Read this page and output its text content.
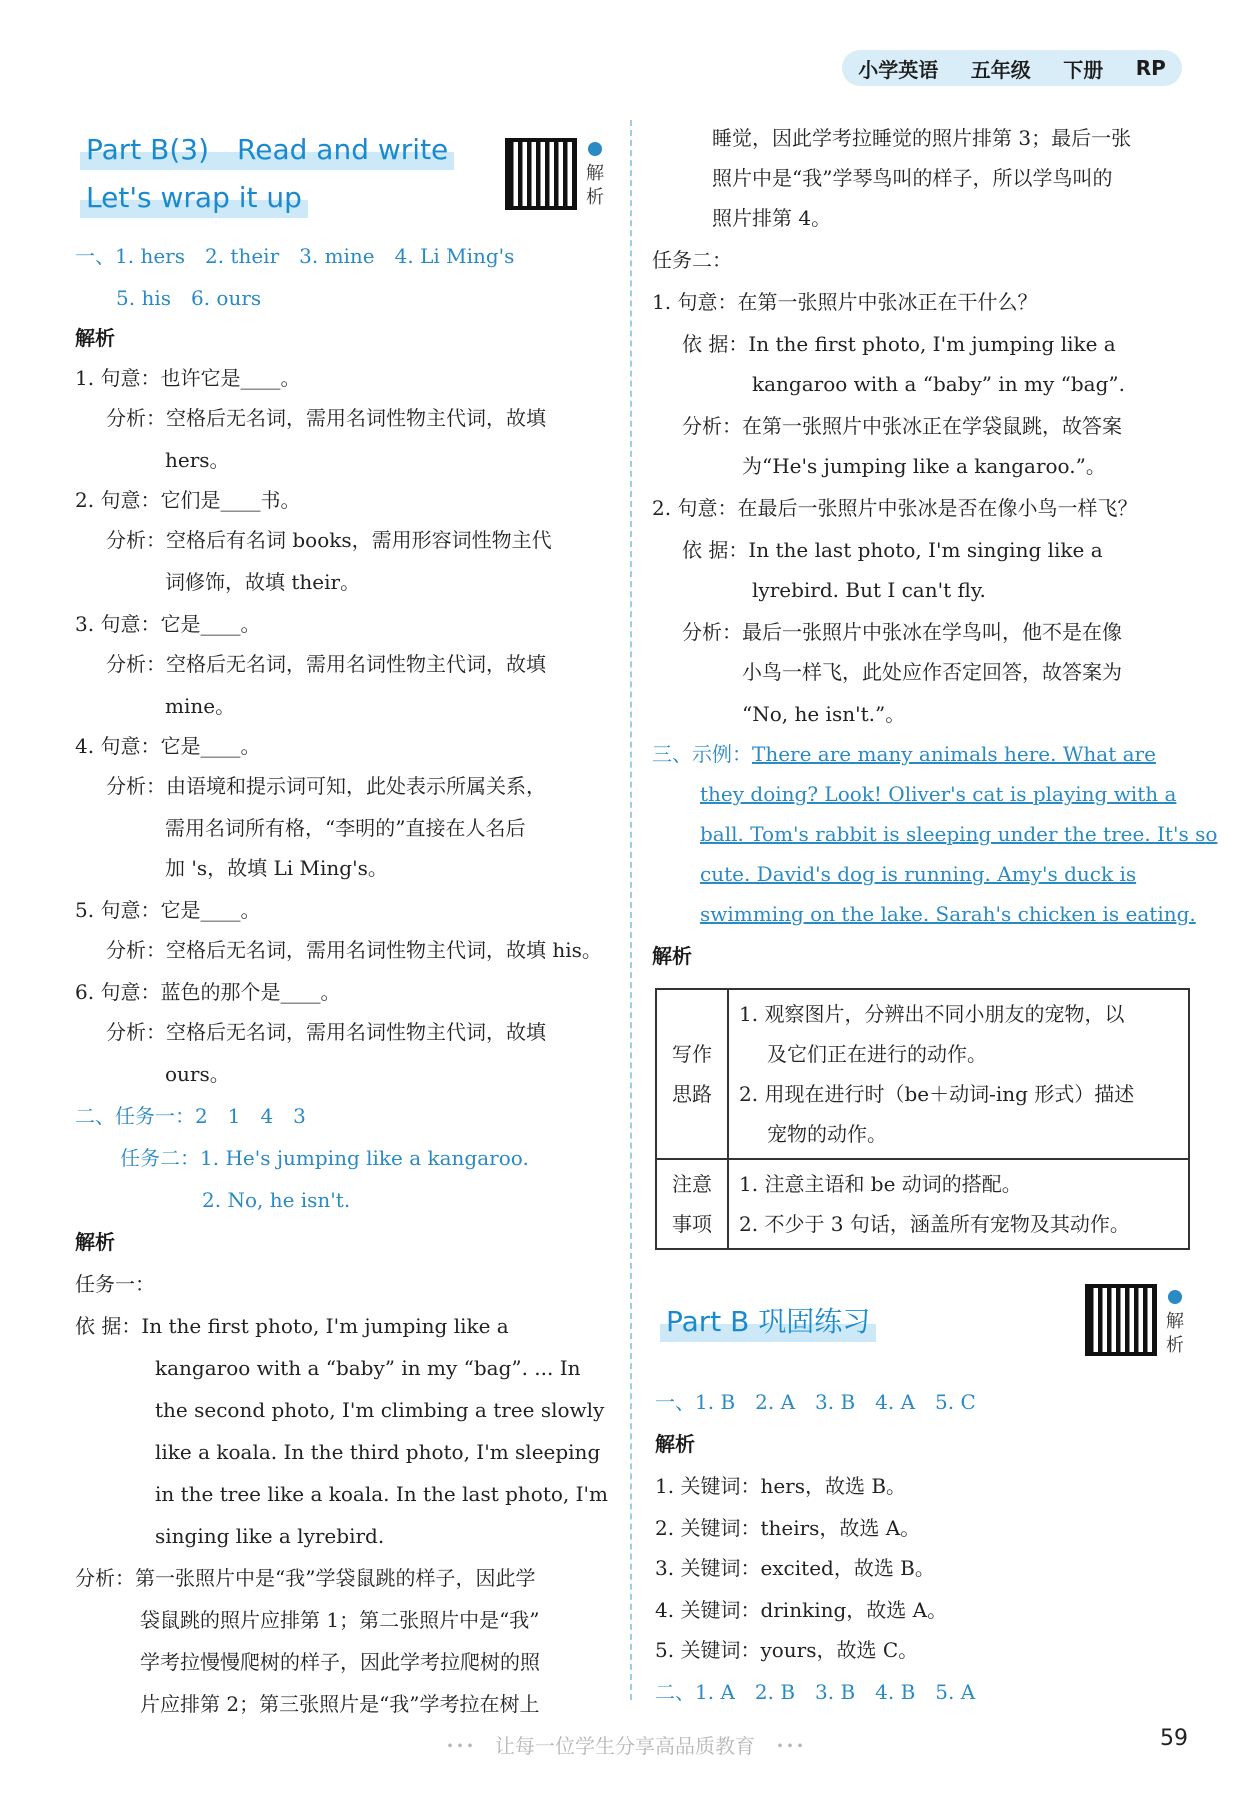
小学英语 五年级 下册 RP
Part B(3)　Read and write
Let's wrap it up
解析
一、1. hers　2. their　3. mine　4. Li Ming's
5. his　6. ours
解析
1. 句意：也许它是____。
分析：空格后无名词，需用名词性物主代词，故填
hers。
2. 句意：它们是____书。
分析：空格后有名词 books，需用形容词性物主代
词修饰，故填 their。
3. 句意：它是____。
分析：空格后无名词，需用名词性物主代词，故填
mine。
4. 句意：它是____。
分析：由语境和提示词可知，此处表示所属关系，
需用名词所有格，“李明的”直接在人名后
加 's，故填 Li Ming's。
5. 句意：它是____。
分析：空格后无名词，需用名词性物主代词，故填 his。
6. 句意：蓝色的那个是____。
分析：空格后无名词，需用名词性物主代词，故填
ours。
二、任务一：2　1　4　3
任务二：1. He's jumping like a kangaroo.
2. No, he isn't.
解析
任务一：
依 据：In the first photo, I'm jumping like a
kangaroo with a “baby” in my “bag”. ... In
the second photo, I'm climbing a tree slowly
like a koala. In the third photo, I'm sleeping
in the tree like a koala. In the last photo, I'm
singing like a lyrebird.
分析：第一张照片中是“我”学袋鼠跳的样子，因此学
袋鼠跳的照片应排第 1；第二张照片中是“我”
学考拉慢慢爬树的样子，因此学考拉爬树的照
片应排第 2；第三张照片是“我”学考拉在树上
睡觉，因此学考拉睡觉的照片排第 3；最后一张
照片中是“我”学琴鸟叫的样子，所以学鸟叫的
照片排第 4。
任务二：
1. 句意：在第一张照片中张冰正在干什么？
依 据：In the first photo, I'm jumping like a
kangaroo with a “baby” in my “bag”.
分析：在第一张照片中张冰正在学袋鼠跳，故答案
为“He's jumping like a kangaroo.”。
2. 句意：在最后一张照片中张冰是否在像小鸟一样飞？
依 据：In the last photo, I'm singing like a
lyrebird. But I can't fly.
分析：最后一张照片中张冰在学鸟叫，他不是在像
小鸟一样飞，此处应作否定回答，故答案为
“No, he isn't.”。
三、示例：There are many animals here. What are
they doing? Look! Oliver's cat is playing with a
ball. Tom's rabbit is sleeping under the tree. It's so
cute. David's dog is running. Amy's duck is
swimming on the lake. Sarah's chicken is eating.
解析
写作思路	1. 观察图片，分辨出不同小朋友的宠物，以
及它们正在进行的动作。
2. 用现在进行时（be＋动词-ing 形式）描述
宠物的动作。

注意事项	1. 注意主语和 be 动词的搭配。
2. 不少于 3 句话，涵盖所有宠物及其动作。
Part B 巩固练习	解析
一、1. B　2. A　3. B　4. A　5. C
解析
1. 关键词：hers，故选 B。
2. 关键词：theirs，故选 A。
3. 关键词：excited，故选 B。
4. 关键词：drinking，故选 A。
5. 关键词：yours，故选 C。
二、1. A　2. B　3. B　4. B　5. A
･･･　让每一位学生分享高品质教育　･･･	59
